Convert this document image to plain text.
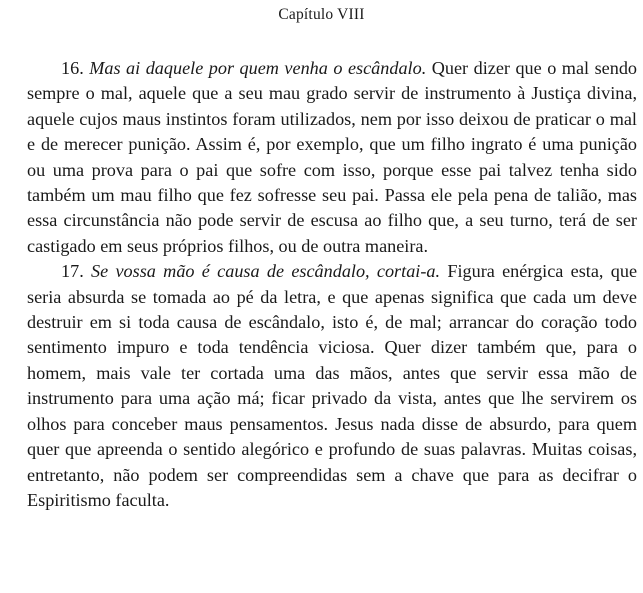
Capítulo VIII

16. Mas ai daquele por quem venha o escândalo. Quer dizer que o mal sendo sempre o mal, aquele que a seu mau grado servir de instrumento à Justiça divina, aquele cujos maus instintos foram utilizados, nem por isso deixou de praticar o mal e de merecer punição. Assim é, por exemplo, que um filho ingrato é uma punição ou uma prova para o pai que sofre com isso, porque esse pai talvez tenha sido também um mau filho que fez sofresse seu pai. Passa ele pela pena de talião, mas essa circunstância não pode servir de escusa ao filho que, a seu turno, terá de ser castigado em seus próprios filhos, ou de outra maneira.

17. Se vossa mão é causa de escândalo, cortai-a. Figura enérgica esta, que seria absurda se tomada ao pé da letra, e que apenas significa que cada um deve destruir em si toda causa de escândalo, isto é, de mal; arrancar do coração todo sentimento impuro e toda tendência viciosa. Quer dizer também que, para o homem, mais vale ter cortada uma das mãos, antes que servir essa mão de instrumento para uma ação má; ficar privado da vista, antes que lhe servirem os olhos para conceber maus pensamentos. Jesus nada disse de absurdo, para quem quer que apreenda o sentido alegórico e profundo de suas palavras. Muitas coisas, entretanto, não podem ser compreendidas sem a chave que para as decifrar o Espiritismo faculta.
